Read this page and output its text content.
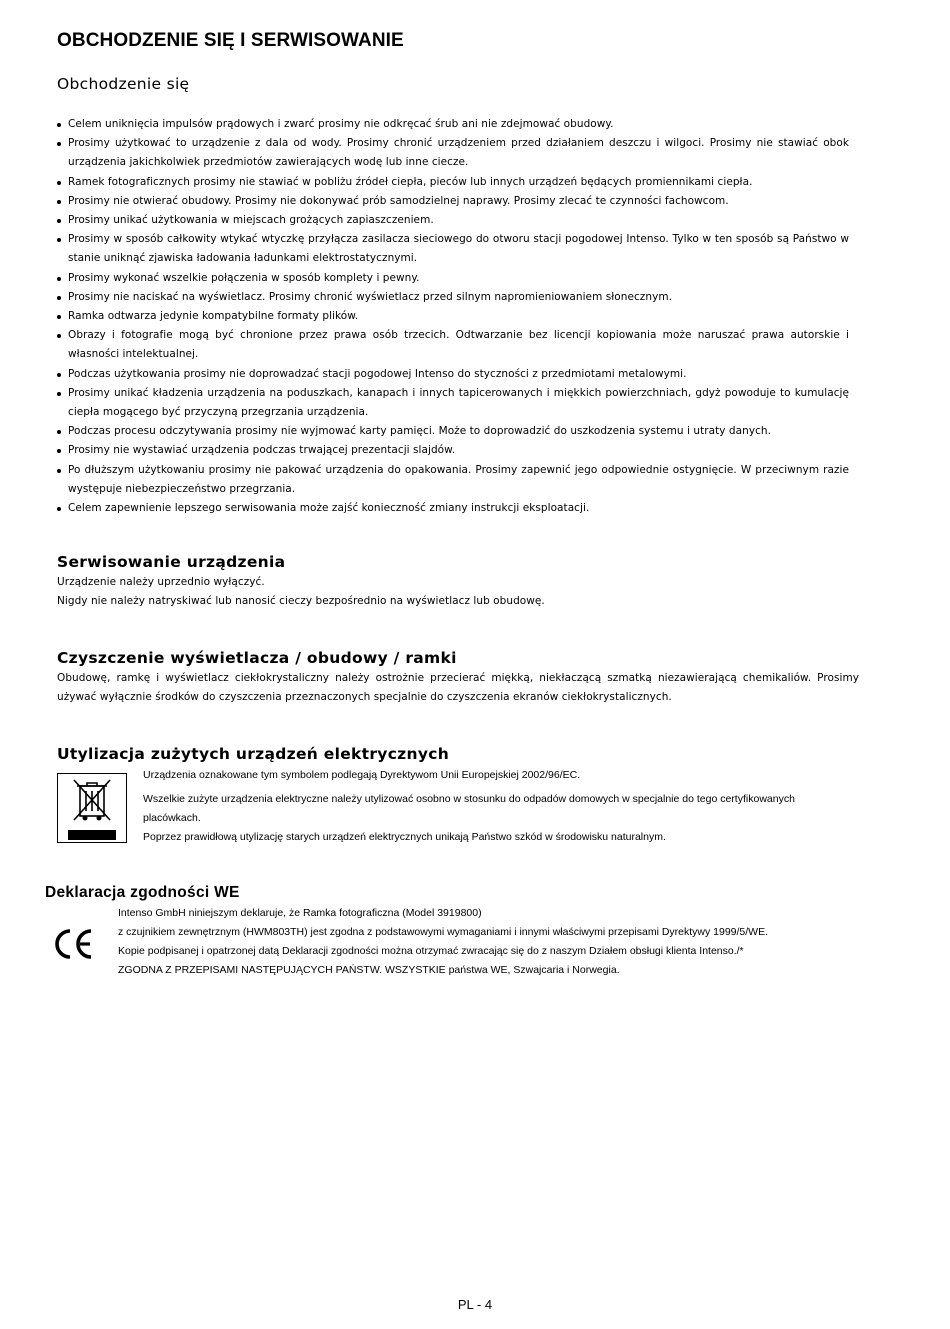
OBCHODZENIE SIĘ I SERWISOWANIE
Obchodzenie się
Celem uniknięcia impulsów prądowych i zwarć prosimy nie odkręcać śrub ani nie zdejmować obudowy.
Prosimy użytkować to urządzenie z dala od wody. Prosimy chronić urządzeniem przed działaniem deszczu i wilgoci. Prosimy nie stawiać obok urządzenia jakichkolwiek przedmiotów zawierających wodę lub inne ciecze.
Ramek fotograficznych prosimy nie stawiać w pobliżu źródeł ciepła, pieców lub innych urządzeń będących promiennikami ciepła.
Prosimy nie otwierać obudowy. Prosimy nie dokonywać prób samodzielnej naprawy. Prosimy zlecać te czynności fachowcom.
Prosimy unikać użytkowania w miejscach grożących zapiaszczeniem.
Prosimy w sposób całkowity wtykać wtyczkę przyłącza zasilacza sieciowego do otworu stacji pogodowej Intenso. Tylko w ten sposób są Państwo w stanie uniknąć zjawiska ładowania ładunkami elektrostatycznymi.
Prosimy wykonać wszelkie połączenia w sposób komplety i pewny.
Prosimy nie naciskać na wyświetlacz. Prosimy chronić wyświetlacz przed silnym napromieniowaniem słonecznym.
Ramka odtwarza jedynie kompatybilne formaty plików.
Obrazy i fotografie mogą być chronione przez prawa osób trzecich. Odtwarzanie bez licencji kopiowania może naruszać prawa autorskie i własności intelektualnej.
Podczas użytkowania prosimy nie doprowadzać stacji pogodowej Intenso do styczności z przedmiotami metalowymi.
Prosimy unikać kładzenia urządzenia na poduszkach, kanapach i innych tapicerowanych i miękkich powierzchniach, gdyż powoduje to kumulację ciepła mogącego być przyczyną przegrzania urządzenia.
Podczas procesu odczytywania prosimy nie wyjmować karty pamięci. Może to doprowadzić do uszkodzenia systemu i utraty danych.
Prosimy nie wystawiać urządzenia podczas trwającej prezentacji slajdów.
Po dłuższym użytkowaniu prosimy nie pakować urządzenia do opakowania. Prosimy zapewnić jego odpowiednie ostygnięcie. W przeciwnym razie występuje niebezpieczeństwo przegrzania.
Celem zapewnienie lepszego serwisowania może zajść konieczność zmiany instrukcji eksploatacji.
Serwisowanie urządzenia

Urządzenie należy uprzednio wyłączyć.

Nigdy nie należy natryskiwać lub nanosić cieczy bezpośrednio na wyświetlacz lub obudowę.

Czyszczenie wyświetlacza / obudowy / ramki

Obudowę, ramkę i wyświetlacz ciekłokrystaliczny należy ostrożnie przecierać miękką, niekłaczącą szmatką niezawierającą chemikaliów. Prosimy używać wyłącznie środków do czyszczenia przeznaczonych specjalnie do czyszczenia ekranów ciekłokrystalicznych.

Utylizacja zużytych urządzeń elektrycznych

Urządzenia oznakowane tym symbolem podlegają Dyrektywom Unii Europejskiej 2002/96/EC.

Wszelkie zużyte urządzenia elektryczne należy utylizować osobno w stosunku do odpadów domowych w specjalnie do tego certyfikowanych placówkach.

Poprzez prawidłową utylizację starych urządzeń elektrycznych unikają Państwo szkód w środowisku naturalnym.

Deklaracja zgodności WE

Intenso GmbH niniejszym deklaruje, że Ramka fotograficzna (Model 3919800)

z czujnikiem zewnętrznym (HWM803TH) jest zgodna z podstawowymi wymaganiami i innymi właściwymi przepisami Dyrektywy 1999/5/WE.

Kopie podpisanej i opatrzonej datą Deklaracji zgodności można otrzymać zwracając się do z naszym Działem obsługi klienta Intenso./*

ZGODNA Z PRZEPISAMI NASTĘPUJĄCYCH PAŃSTW. WSZYSTKIE państwa WE, Szwajcaria i Norwegia.

PL - 4
